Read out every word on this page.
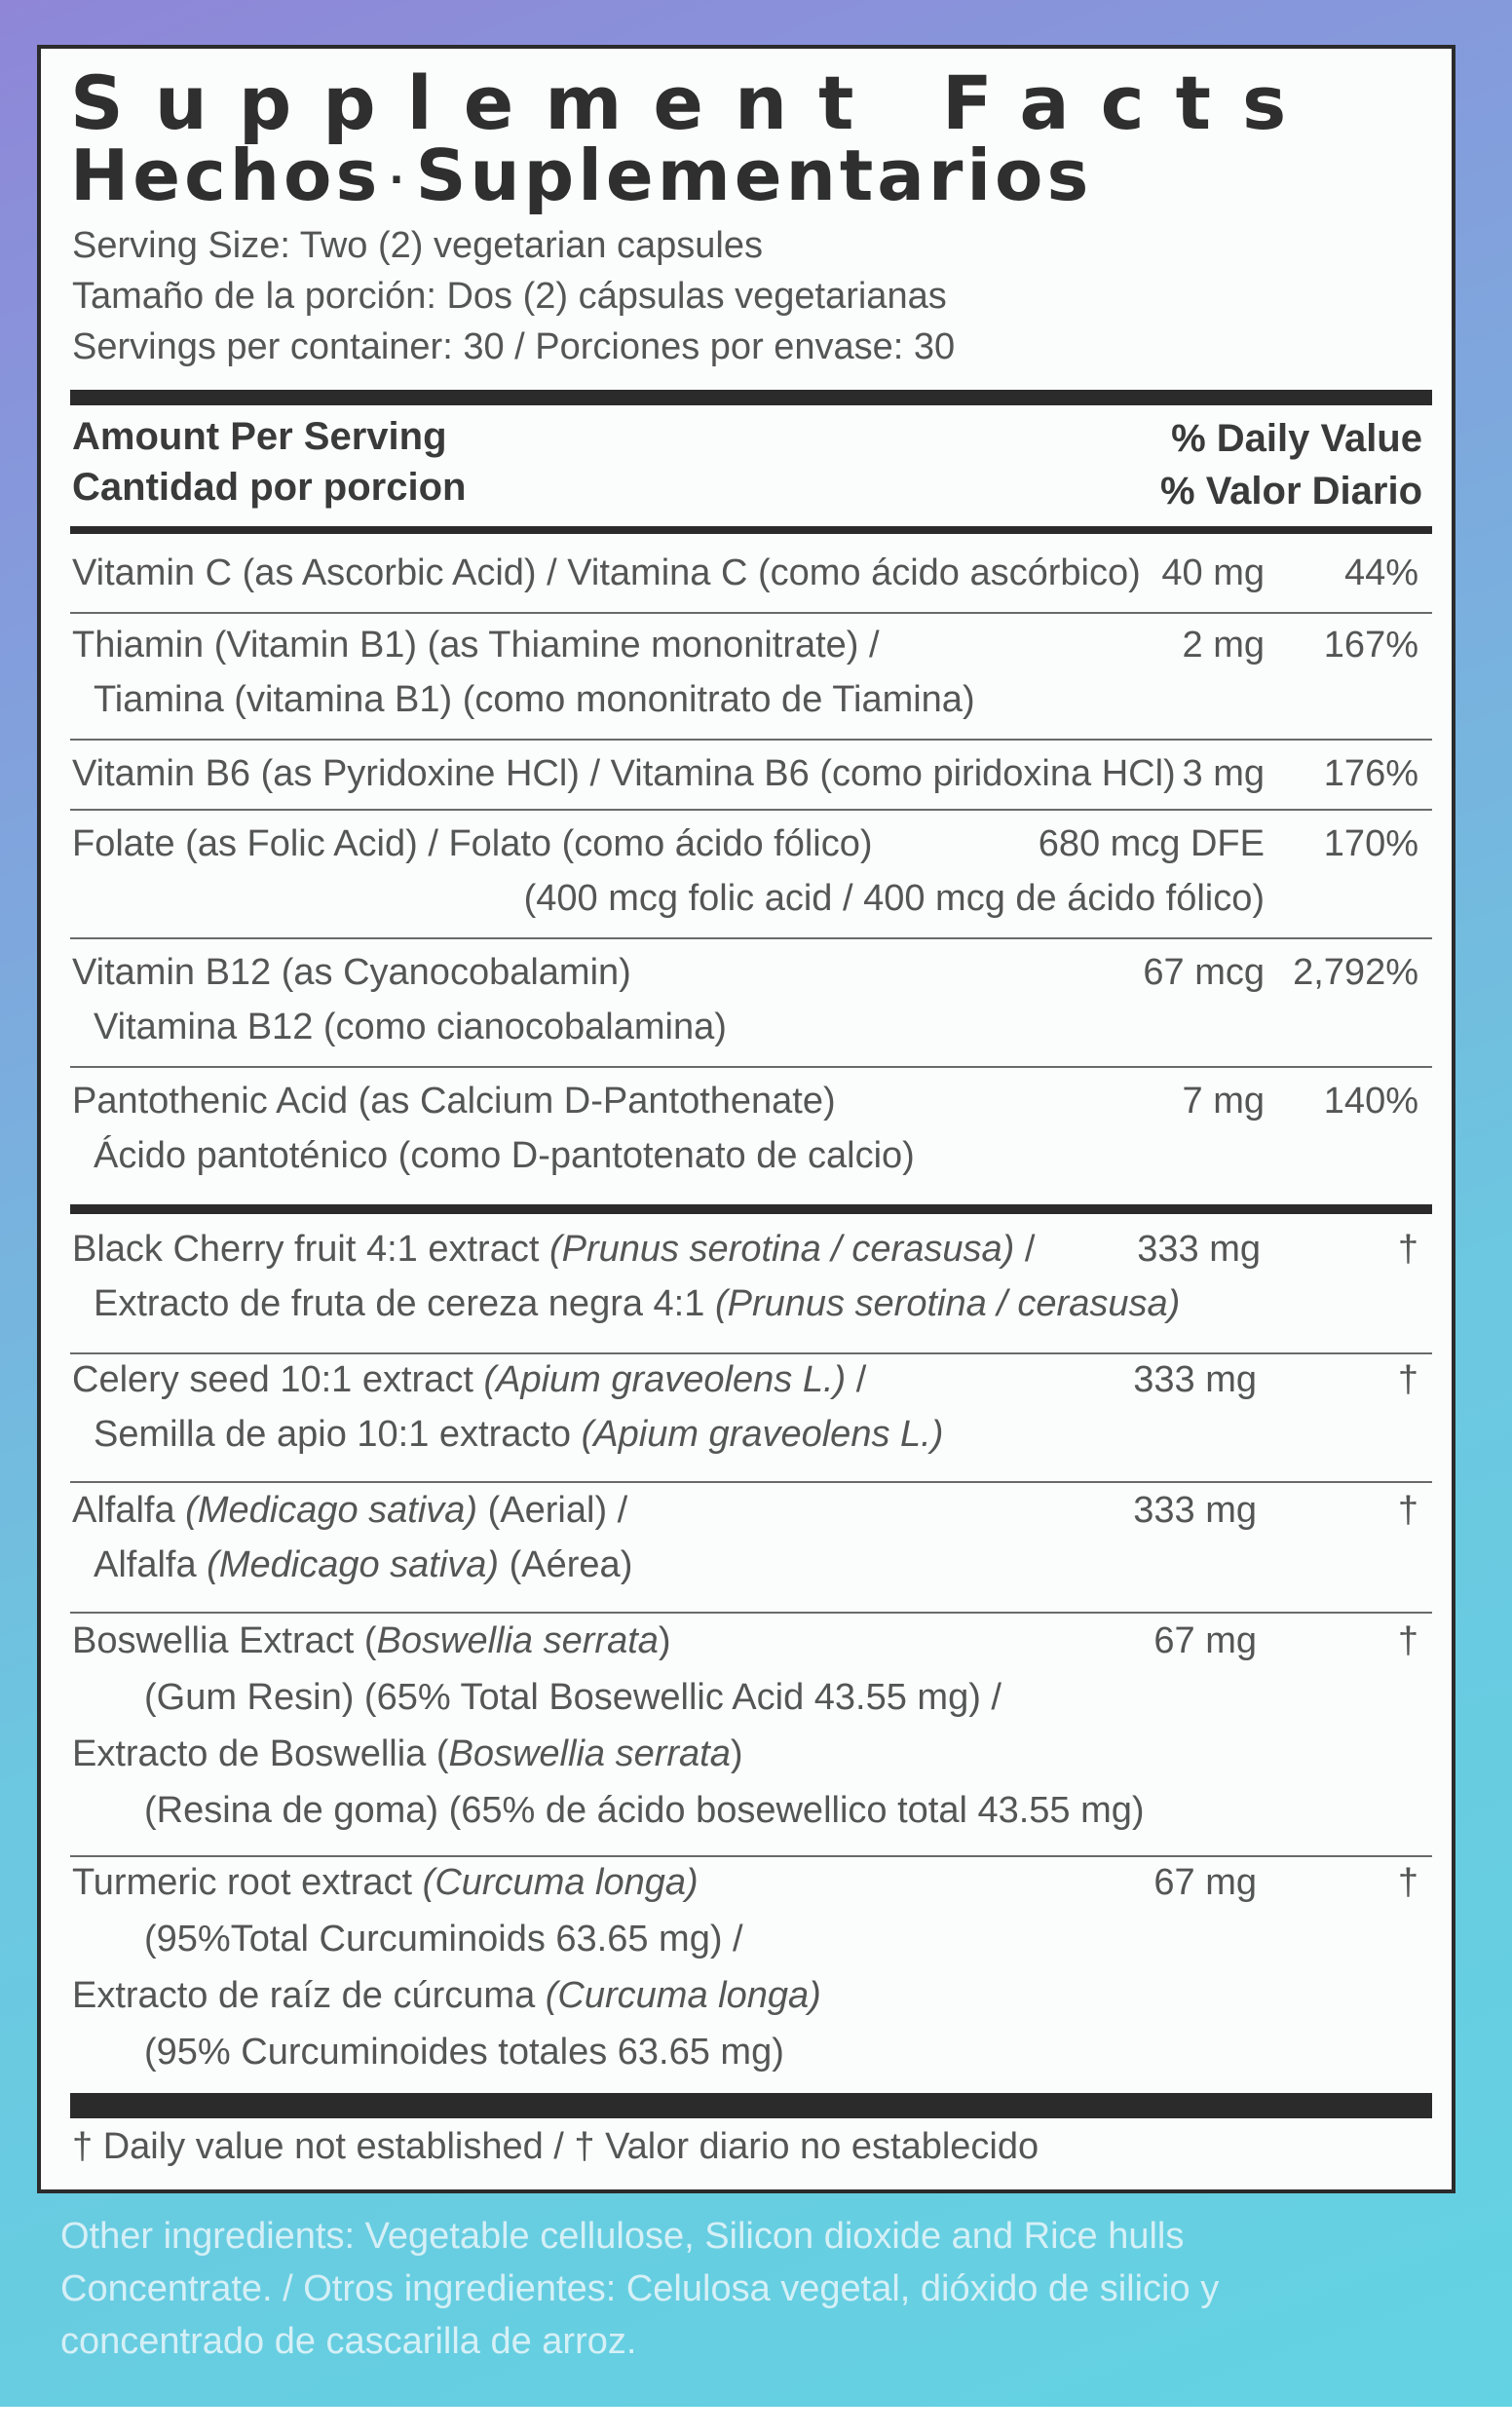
Supplement Facts
Hechos · Suplementarios
Serving Size: Two (2) vegetarian capsules
Tamaño de la porción: Dos (2) cápsulas vegetarianas
Servings per container: 30 / Porciones por envase: 30
Amount Per Serving
Cantidad por porcion
% Daily Value
% Valor Diario
Vitamin C (as Ascorbic Acid) / Vitamina C (como ácido ascórbico) 40 mg 44%
Thiamin (Vitamin B1) (as Thiamine mononitrate) /
Tiamina (vitamina B1) (como mononitrato de Tiamina)
2 mg 167%
Vitamin B6 (as Pyridoxine HCl) / Vitamina B6 (como piridoxina HCl) 3 mg 176%
Folate (as Folic Acid) / Folato (como ácido fólico)
(400 mcg folic acid / 400 mcg de ácido fólico)
680 mcg DFE 170%
Vitamin B12 (as Cyanocobalamin)
Vitamina B12 (como cianocobalamina)
67 mcg 2,792%
Pantothenic Acid (as Calcium D-Pantothenate)
Ácido pantoténico (como D-pantotenato de calcio)
7 mg 140%
Black Cherry fruit 4:1 extract (Prunus serotina / cerasusa) /
Extracto de fruta de cereza negra 4:1 (Prunus serotina / cerasusa)
333 mg	†
Celery seed 10:1 extract (Apium graveolens L.) /
Semilla de apio 10:1 extracto (Apium graveolens L.)
333 mg	†
Alfalfa (Medicago sativa) (Aerial) /
Alfalfa (Medicago sativa) (Aérea)
333 mg	†
Boswellia Extract (Boswellia serrata)
(Gum Resin) (65% Total Bosewellic Acid 43.55 mg) /
Extracto de Boswellia (Boswellia serrata)
(Resina de goma) (65% de ácido bosewellico total 43.55 mg)
67 mg	†
Turmeric root extract (Curcuma longa)
(95%Total Curcuminoids 63.65 mg) /
Extracto de raíz de cúrcuma (Curcuma longa)
(95% Curcuminoides totales 63.65 mg)
67 mg	†
† Daily value not established / † Valor diario no establecido
Other ingredients: Vegetable cellulose, Silicon dioxide and Rice hulls
Concentrate. / Otros ingredientes: Celulosa vegetal, dióxido de silicio y
concentrado de cascarilla de arroz.
